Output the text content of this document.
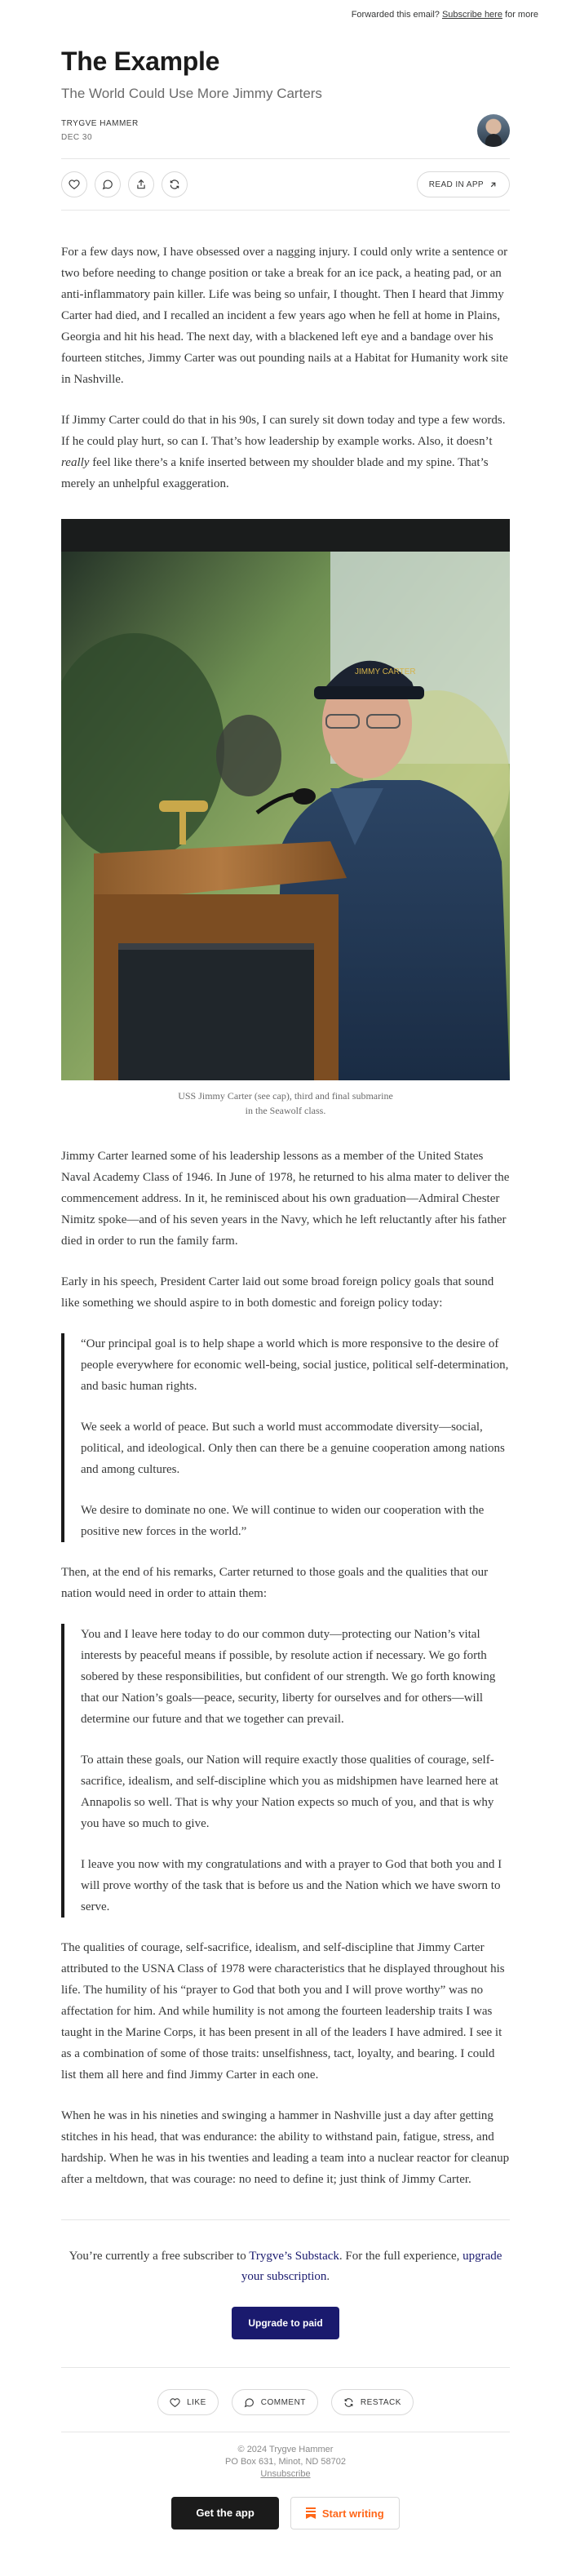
Forwarded this email? Subscribe here for more
The Example
The World Could Use More Jimmy Carters
TRYGVE HAMMER
DEC 30
READ IN APP

For a few days now, I have obsessed over a nagging injury. I could only write a sentence or two before needing to change position or take a break for an ice pack, a heating pad, or an anti-inflammatory pain killer. Life was being so unfair, I thought. Then I heard that Jimmy Carter had died, and I recalled an incident a few years ago when he fell at home in Plains, Georgia and hit his head. The next day, with a blackened left eye and a bandage over his fourteen stitches, Jimmy Carter was out pounding nails at a Habitat for Humanity work site in Nashville.

If Jimmy Carter could do that in his 90s, I can surely sit down today and type a few words. If he could play hurt, so can I. That’s how leadership by example works. Also, it doesn’t really feel like there’s a knife inserted between my shoulder blade and my spine. That’s merely an unhelpful exaggeration.

JIMMY CARTER
USS Jimmy Carter (see cap), third and final submarine in the Seawolf class.

Jimmy Carter learned some of his leadership lessons as a member of the United States Naval Academy Class of 1946. In June of 1978, he returned to his alma mater to deliver the commencement address. In it, he reminisced about his own graduation—Admiral Chester Nimitz spoke—and of his seven years in the Navy, which he left reluctantly after his father died in order to run the family farm.

Early in his speech, President Carter laid out some broad foreign policy goals that sound like something we should aspire to in both domestic and foreign policy today:

“Our principal goal is to help shape a world which is more responsive to the desire of people everywhere for economic well-being, social justice, political self-determination, and basic human rights.

We seek a world of peace. But such a world must accommodate diversity—social, political, and ideological. Only then can there be a genuine cooperation among nations and among cultures.

We desire to dominate no one. We will continue to widen our cooperation with the positive new forces in the world.”

Then, at the end of his remarks, Carter returned to those goals and the qualities that our nation would need in order to attain them:

You and I leave here today to do our common duty—protecting our Nation’s vital interests by peaceful means if possible, by resolute action if necessary. We go forth sobered by these responsibilities, but confident of our strength. We go forth knowing that our Nation’s goals—peace, security, liberty for ourselves and for others—will determine our future and that we together can prevail.

To attain these goals, our Nation will require exactly those qualities of courage, self-sacrifice, idealism, and self-discipline which you as midshipmen have learned here at Annapolis so well. That is why your Nation expects so much of you, and that is why you have so much to give.

I leave you now with my congratulations and with a prayer to God that both you and I will prove worthy of the task that is before us and the Nation which we have sworn to serve.

The qualities of courage, self-sacrifice, idealism, and self-discipline that Jimmy Carter attributed to the USNA Class of 1978 were characteristics that he displayed throughout his life. The humility of his “prayer to God that both you and I will prove worthy” was no affectation for him. And while humility is not among the fourteen leadership traits I was taught in the Marine Corps, it has been present in all of the leaders I have admired. I see it as a combination of some of those traits: unselfishness, tact, loyalty, and bearing. I could list them all here and find Jimmy Carter in each one.

When he was in his nineties and swinging a hammer in Nashville just a day after getting stitches in his head, that was endurance: the ability to withstand pain, fatigue, stress, and hardship. When he was in his twenties and leading a team into a nuclear reactor for cleanup after a meltdown, that was courage: no need to define it; just think of Jimmy Carter.

You’re currently a free subscriber to Trygve’s Substack. For the full experience, upgrade your subscription.
Upgrade to paid
LIKE	COMMENT	RESTACK
© 2024 Trygve Hammer
PO Box 631, Minot, ND 58702
Unsubscribe
Get the app	Start writing
